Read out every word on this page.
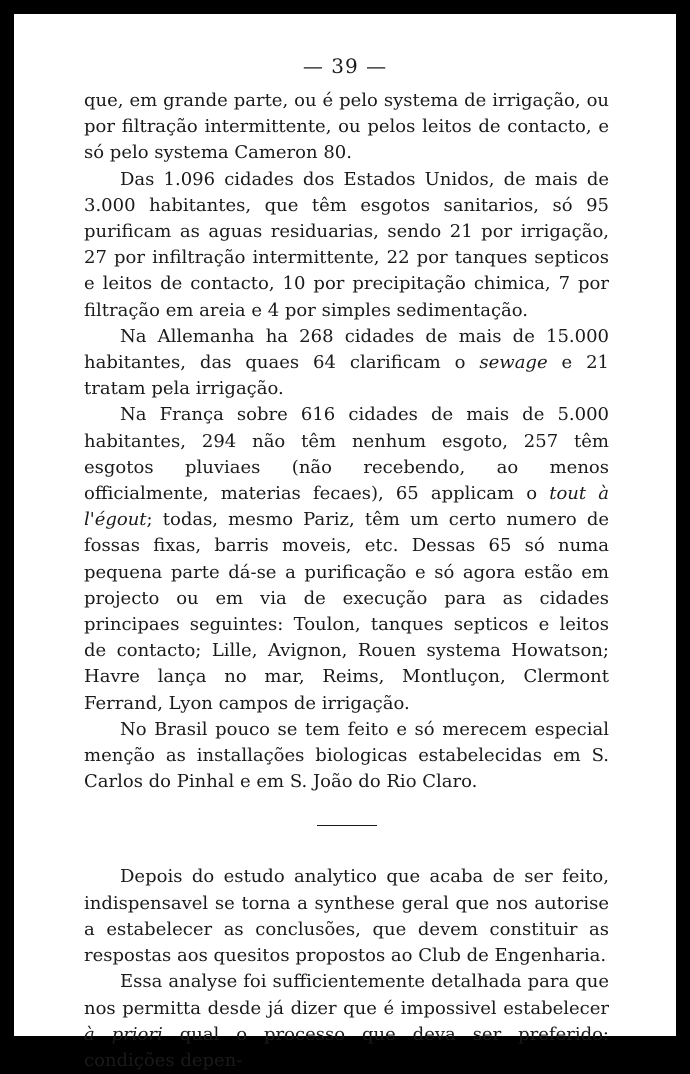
— 39 —

que, em grande parte, ou é pelo systema de irrigação, ou por filtração intermittente, ou pelos leitos de contacto, e só pelo systema Cameron 80.

Das 1.096 cidades dos Estados Unidos, de mais de 3.000 habitantes, que têm esgotos sanitarios, só 95 purificam as aguas residuarias, sendo 21 por irrigação, 27 por infiltração intermittente, 22 por tanques septicos e leitos de contacto, 10 por precipitação chimica, 7 por filtração em areia e 4 por simples sedimentação.

Na Allemanha ha 268 cidades de mais de 15.000 habitantes, das quaes 64 clarificam o sewage e 21 tratam pela irrigação.

Na França sobre 616 cidades de mais de 5.000 habitantes, 294 não têm nenhum esgoto, 257 têm esgotos pluviaes (não recebendo, ao menos officialmente, materias fecaes), 65 applicam o tout à l'égout; todas, mesmo Pariz, têm um certo numero de fossas fixas, barris moveis, etc. Dessas 65 só numa pequena parte dá-se a purificação e só agora estão em projecto ou em via de execução para as cidades principaes seguintes: Toulon, tanques septicos e leitos de contacto; Lille, Avignon, Rouen systema Howatson; Havre lança no mar, Reims, Montluçon, Clermont Ferrand, Lyon campos de irrigação.

No Brasil pouco se tem feito e só merecem especial menção as installações biologicas estabelecidas em S. Carlos do Pinhal e em S. João do Rio Claro.

Depois do estudo analytico que acaba de ser feito, indispensavel se torna a synthese geral que nos autorise a estabelecer as conclusões, que devem constituir as respostas aos quesitos propostos ao Club de Engenharia.

Essa analyse foi sufficientemente detalhada para que nos permitta desde já dizer que é impossivel estabelecer à priori qual o processo que deva ser preferido: condições depen-
